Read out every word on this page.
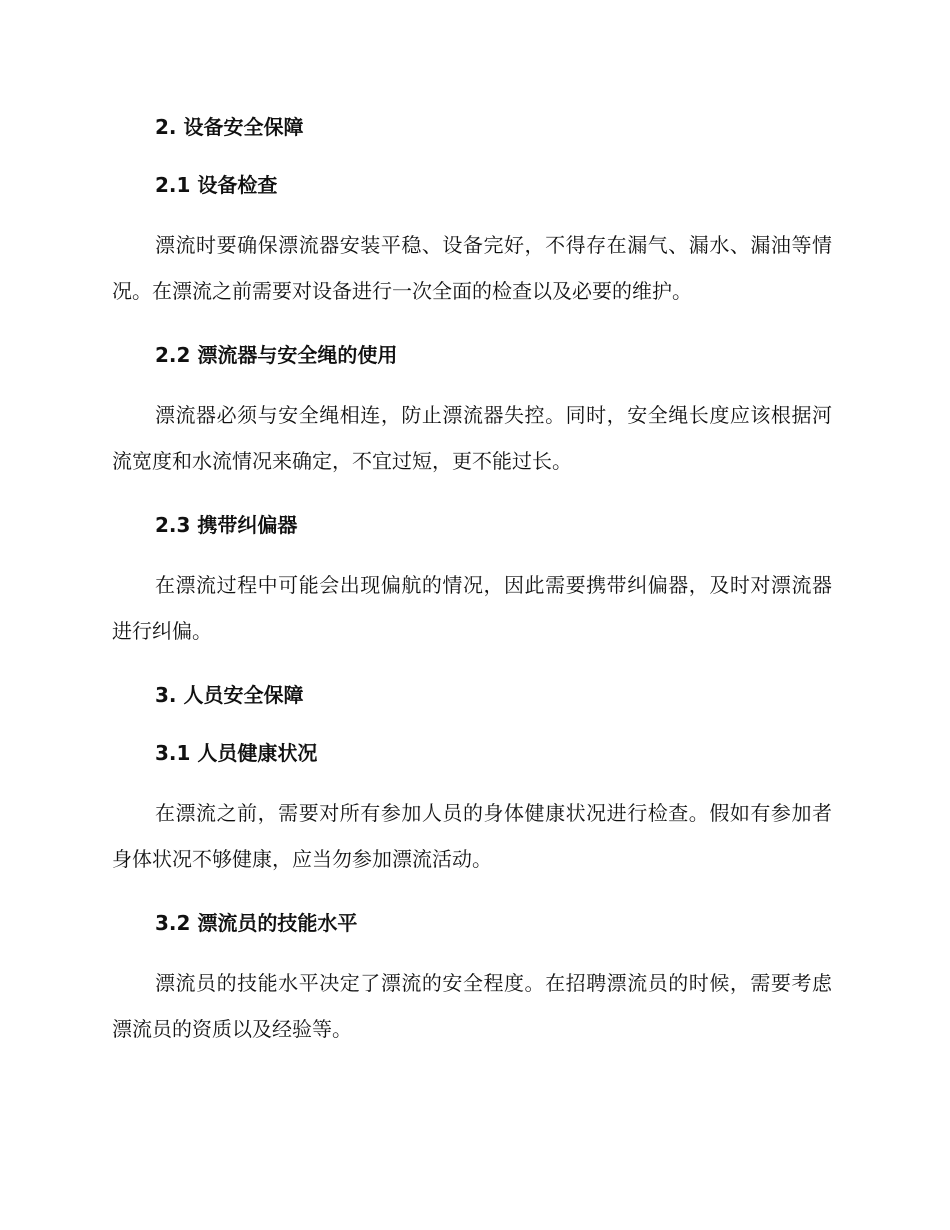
2. 设备安全保障
2.1 设备检查

漂流时要确保漂流器安装平稳、设备完好，不得存在漏气、漏水、漏油等情况。在漂流之前需要对设备进行一次全面的检查以及必要的维护。

2.2 漂流器与安全绳的使用

漂流器必须与安全绳相连，防止漂流器失控。同时，安全绳长度应该根据河流宽度和水流情况来确定，不宜过短，更不能过长。

2.3 携带纠偏器

在漂流过程中可能会出现偏航的情况，因此需要携带纠偏器，及时对漂流器进行纠偏。

3. 人员安全保障
3.1 人员健康状况

在漂流之前，需要对所有参加人员的身体健康状况进行检查。假如有参加者身体状况不够健康，应当勿参加漂流活动。

3.2 漂流员的技能水平

漂流员的技能水平决定了漂流的安全程度。在招聘漂流员的时候，需要考虑漂流员的资质以及经验等。
